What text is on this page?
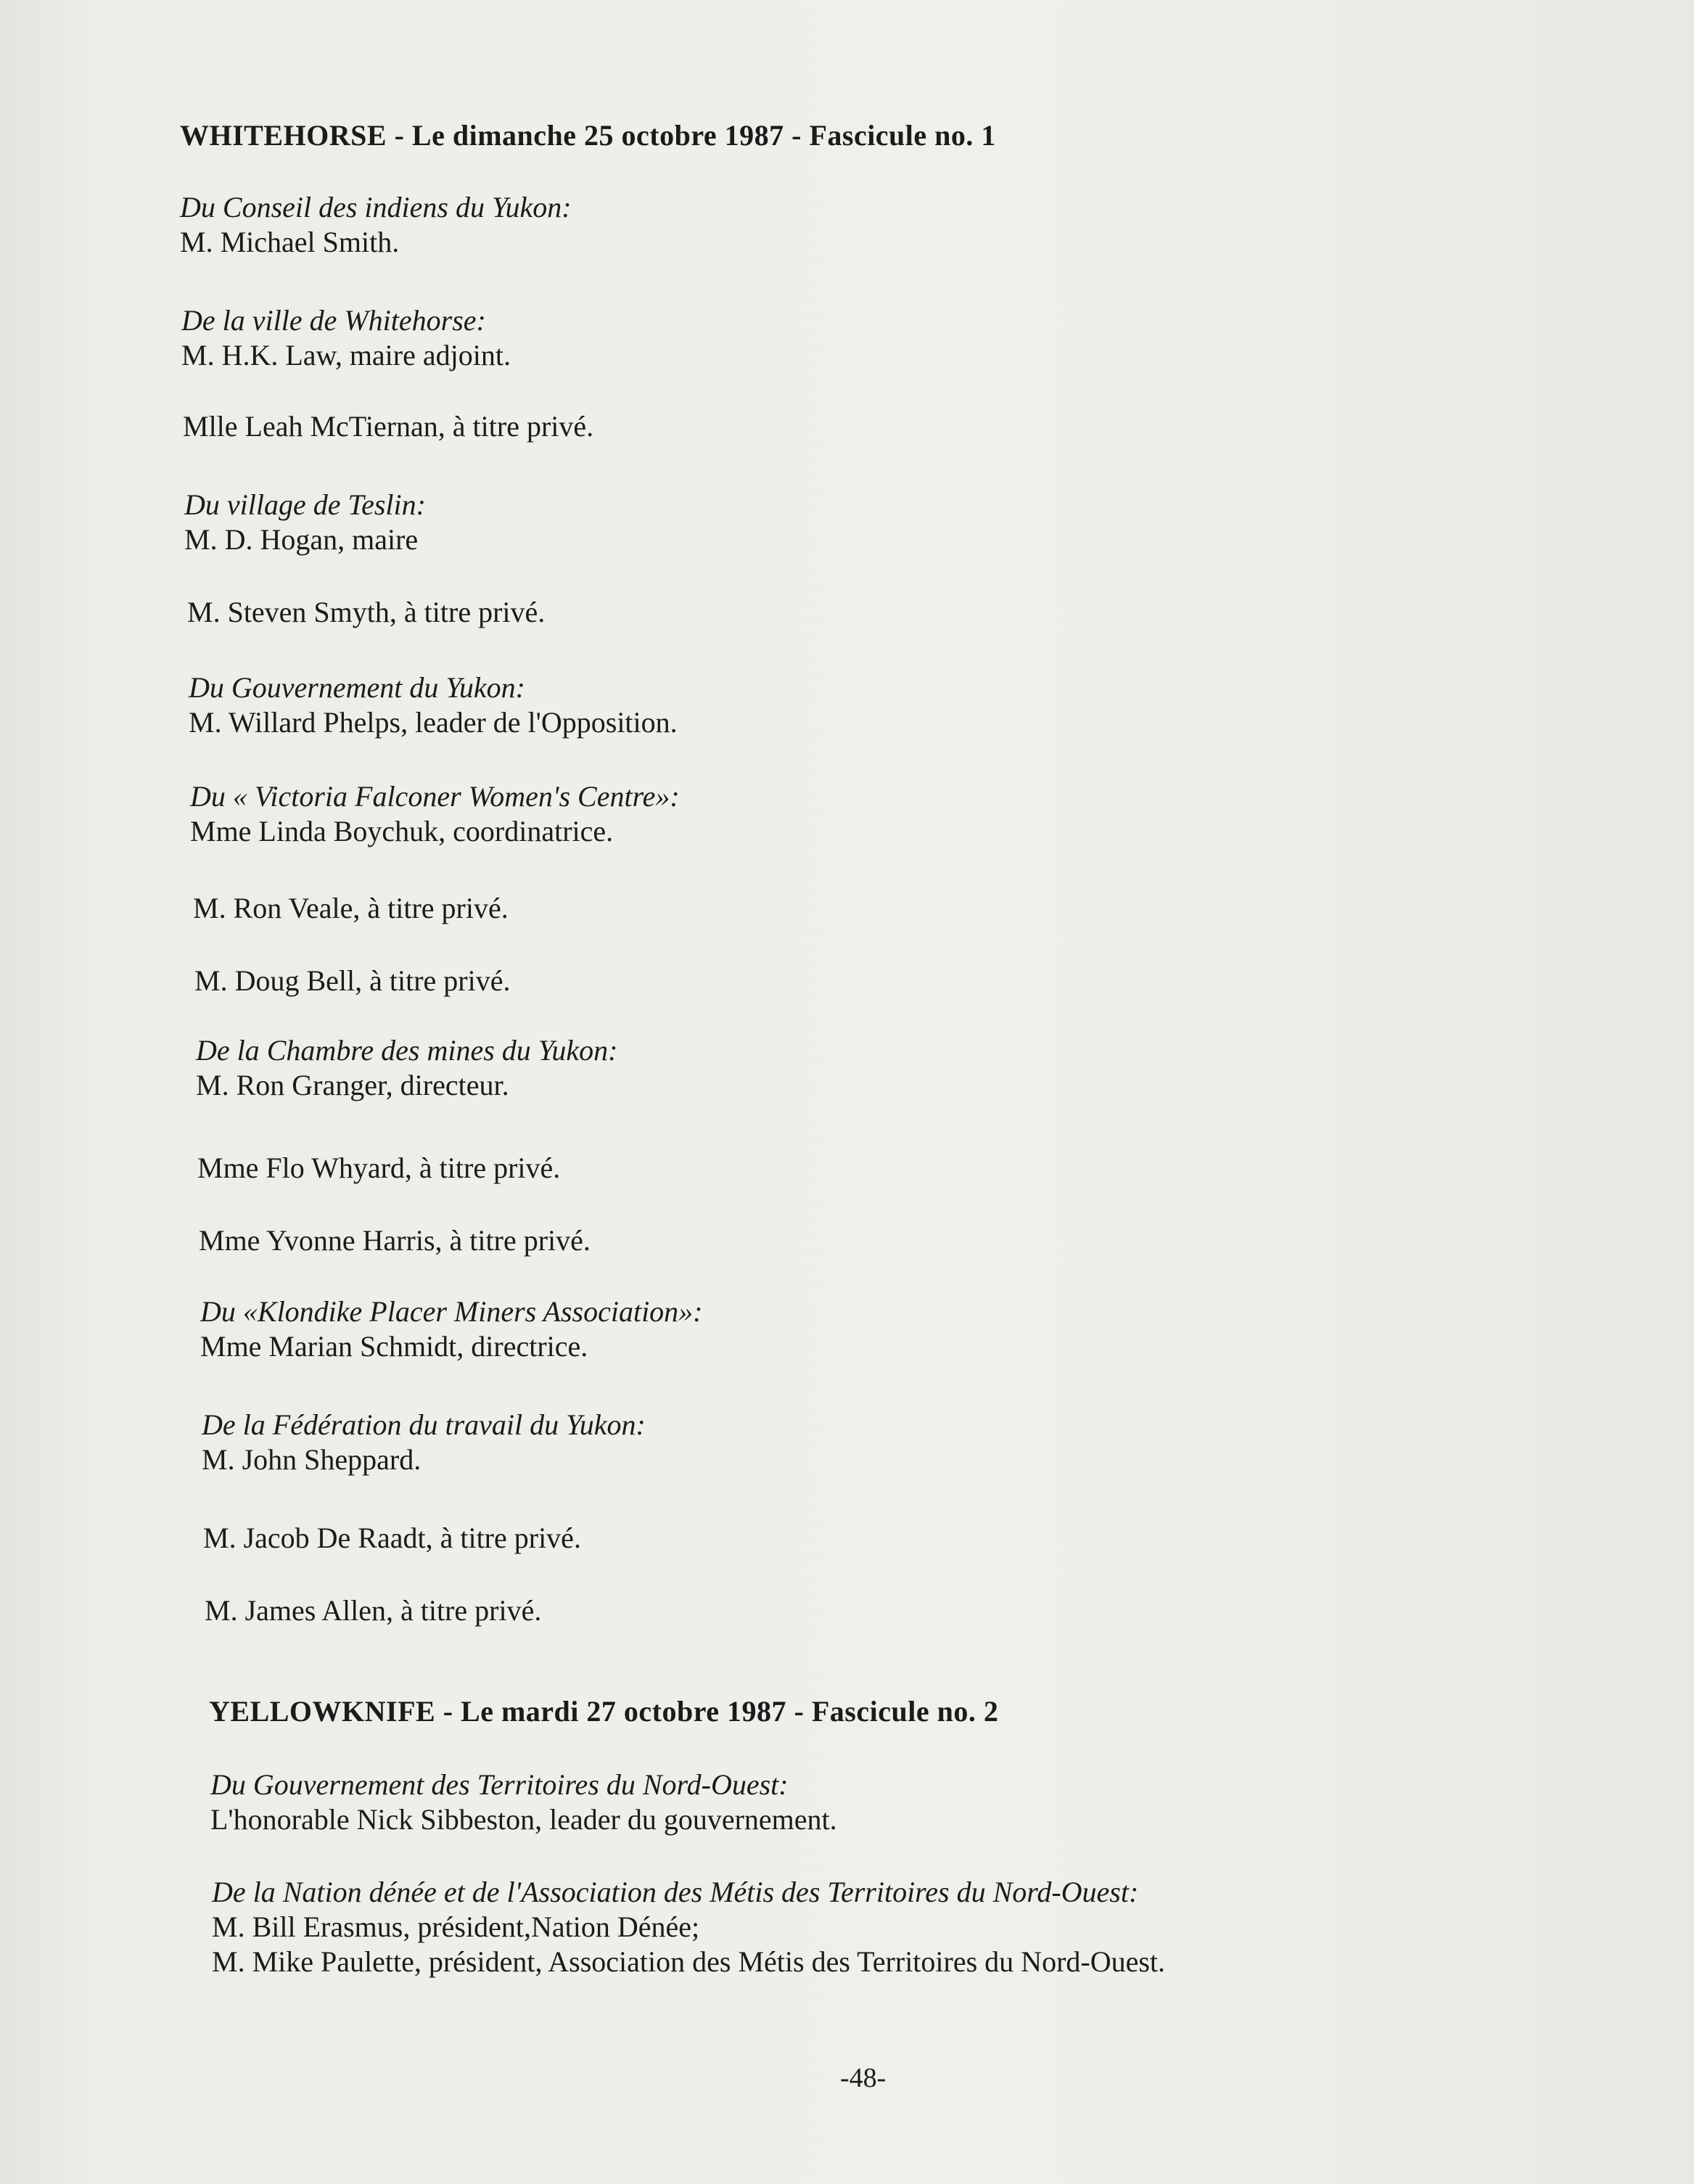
WHITEHORSE - Le dimanche 25 octobre 1987 - Fascicule no. 1
Du Conseil des indiens du Yukon:
M. Michael Smith.
De la ville de Whitehorse:
M. H.K. Law, maire adjoint.
Mlle Leah McTiernan, à titre privé.
Du village de Teslin:
M. D. Hogan, maire
M. Steven Smyth, à titre privé.
Du Gouvernement du Yukon:
M. Willard Phelps, leader de l'Opposition.
Du « Victoria Falconer Women's Centre»:
Mme Linda Boychuk, coordinatrice.
M. Ron Veale, à titre privé.
M. Doug Bell, à titre privé.
De la Chambre des mines du Yukon:
M. Ron Granger, directeur.
Mme Flo Whyard, à titre privé.
Mme Yvonne Harris, à titre privé.
Du «Klondike Placer Miners Association»:
Mme Marian Schmidt, directrice.
De la Fédération du travail du Yukon:
M. John Sheppard.
M. Jacob De Raadt, à titre privé.
M. James Allen, à titre privé.
YELLOWKNIFE - Le mardi 27 octobre 1987 - Fascicule no. 2
Du Gouvernement des Territoires du Nord-Ouest:
L'honorable Nick Sibbeston, leader du gouvernement.
De la Nation dénée et de l'Association des Métis des Territoires du Nord-Ouest:
M. Bill Erasmus, président,Nation Dénée;
M. Mike Paulette, président, Association des Métis des Territoires du Nord-Ouest.
-48-
